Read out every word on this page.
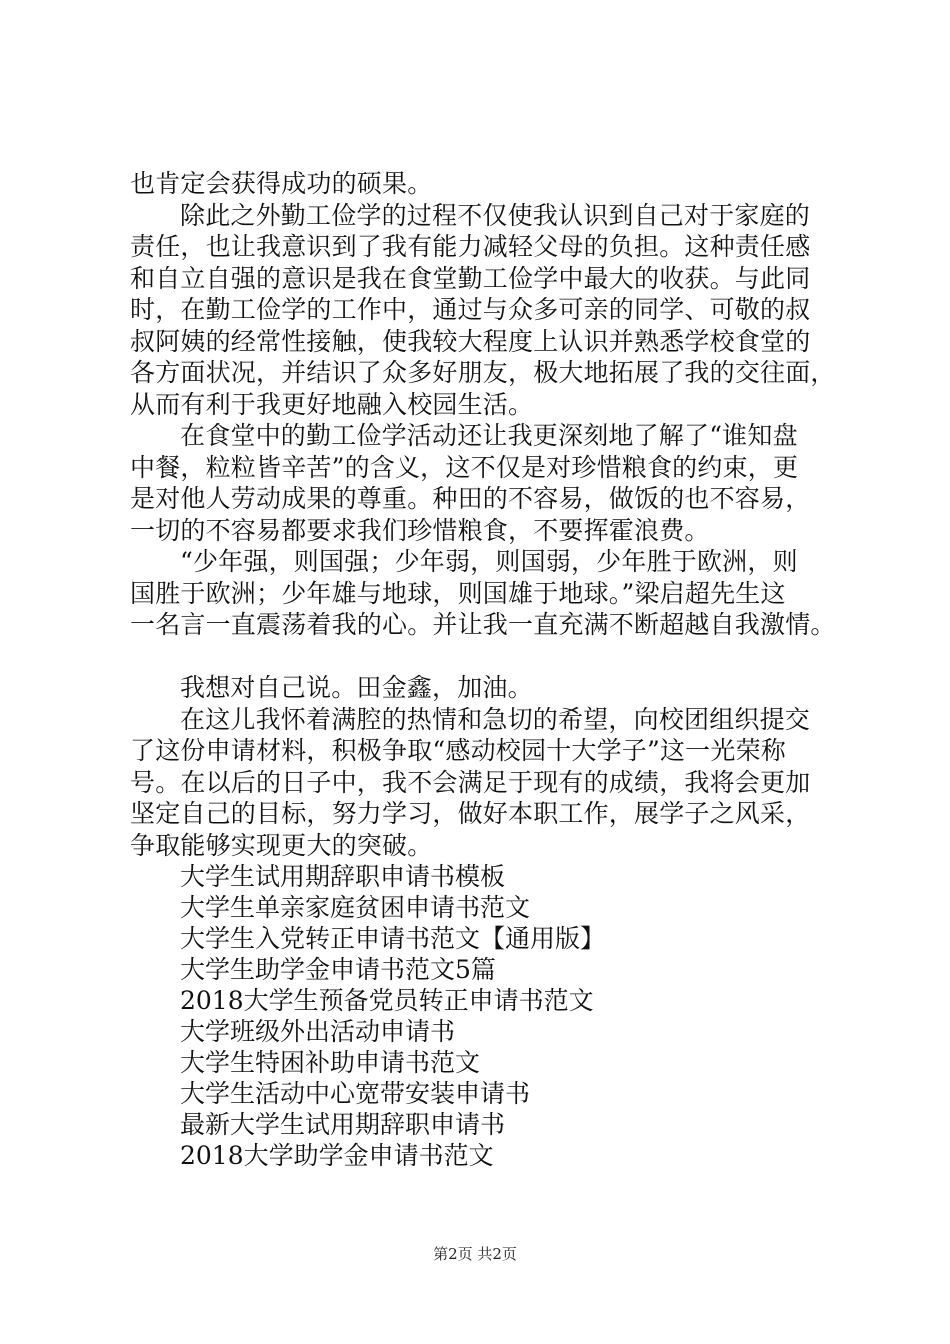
也肯定会获得成功的硕果。
除此之外勤工俭学的过程不仅使我认识到自己对于家庭的
责任，也让我意识到了我有能力减轻父母的负担。这种责任感
和自立自强的意识是我在食堂勤工俭学中最大的收获。与此同
时，在勤工俭学的工作中，通过与众多可亲的同学、可敬的叔
叔阿姨的经常性接触，使我较大程度上认识并熟悉学校食堂的
各方面状况，并结识了众多好朋友，极大地拓展了我的交往面，
从而有利于我更好地融入校园生活。
在食堂中的勤工俭学活动还让我更深刻地了解了“谁知盘
中餐，粒粒皆辛苦”的含义，这不仅是对珍惜粮食的约束，更
是对他人劳动成果的尊重。种田的不容易，做饭的也不容易，
一切的不容易都要求我们珍惜粮食，不要挥霍浪费。
“少年强，则国强；少年弱，则国弱，少年胜于欧洲，则
国胜于欧洲；少年雄与地球，则国雄于地球。”梁启超先生这
一名言一直震荡着我的心。并让我一直充满不断超越自我激情。
我想对自己说。田金鑫，加油。
在这儿我怀着满腔的热情和急切的希望，向校团组织提交
了这份申请材料，积极争取“感动校园十大学子”这一光荣称
号。在以后的日子中，我不会满足于现有的成绩，我将会更加
坚定自己的目标，努力学习，做好本职工作，展学子之风采，
争取能够实现更大的突破。
大学生试用期辞职申请书模板
大学生单亲家庭贫困申请书范文
大学生入党转正申请书范文【通用版】
大学生助学金申请书范文5篇
2018大学生预备党员转正申请书范文
大学班级外出活动申请书
大学生特困补助申请书范文
大学生活动中心宽带安装申请书
最新大学生试用期辞职申请书
2018大学助学金申请书范文
第2页 共2页
